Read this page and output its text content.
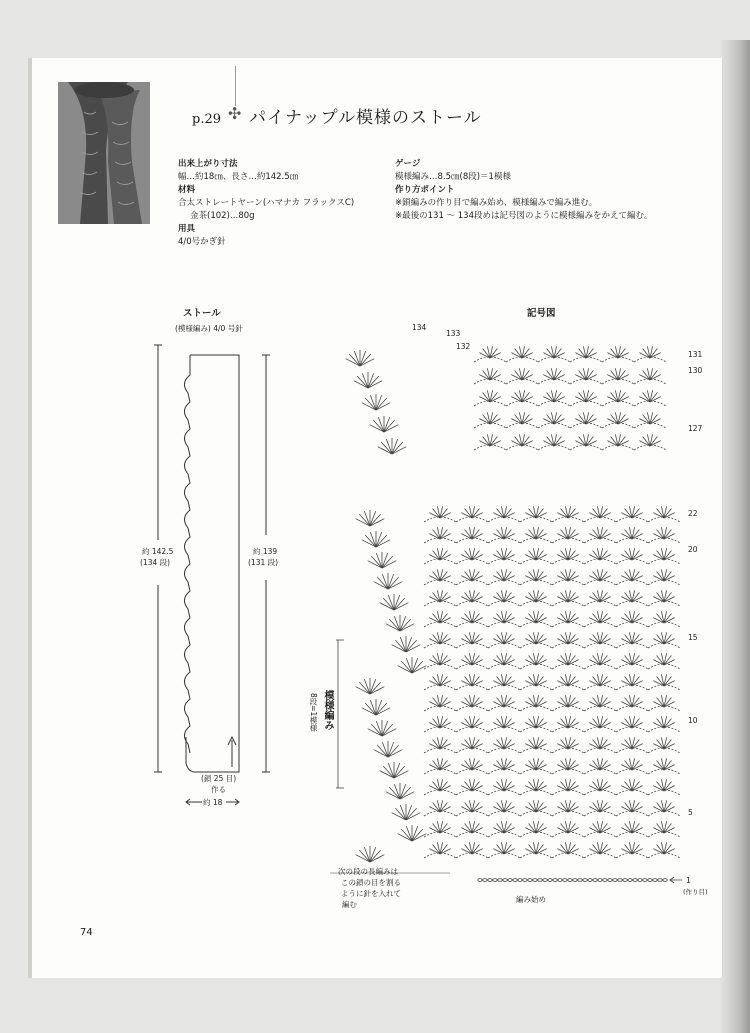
p.29 ✣ パイナップル模様のストール
出来上がり寸法
幅…約18㎝、長さ…約142.5㎝
材料
合太ストレートヤーン(ハマナカ フラックスC)
金茶(102)…80g
用具
4/0号かぎ針
ゲージ
模様編み…8.5㎝(8段)＝1模様
作り方ポイント
※鎖編みの作り目で編み始め、模様編みで編み進む。
※最後の131 ～ 134段めは記号図のように模様編みをかえて編む。
ストール
(模様編み) 4/0 号針
約 142.5
(134 段)
約 139
(131 段)
(鎖 25 目)
作る
約 18
記号図
134
133
132
131
130
127
22
20
15
10
5
1
(作り目)
模様編み
8段=1模様
次の段の長編みは
この鎖の目を割る
ように針を入れて
編む
編み始め
74
